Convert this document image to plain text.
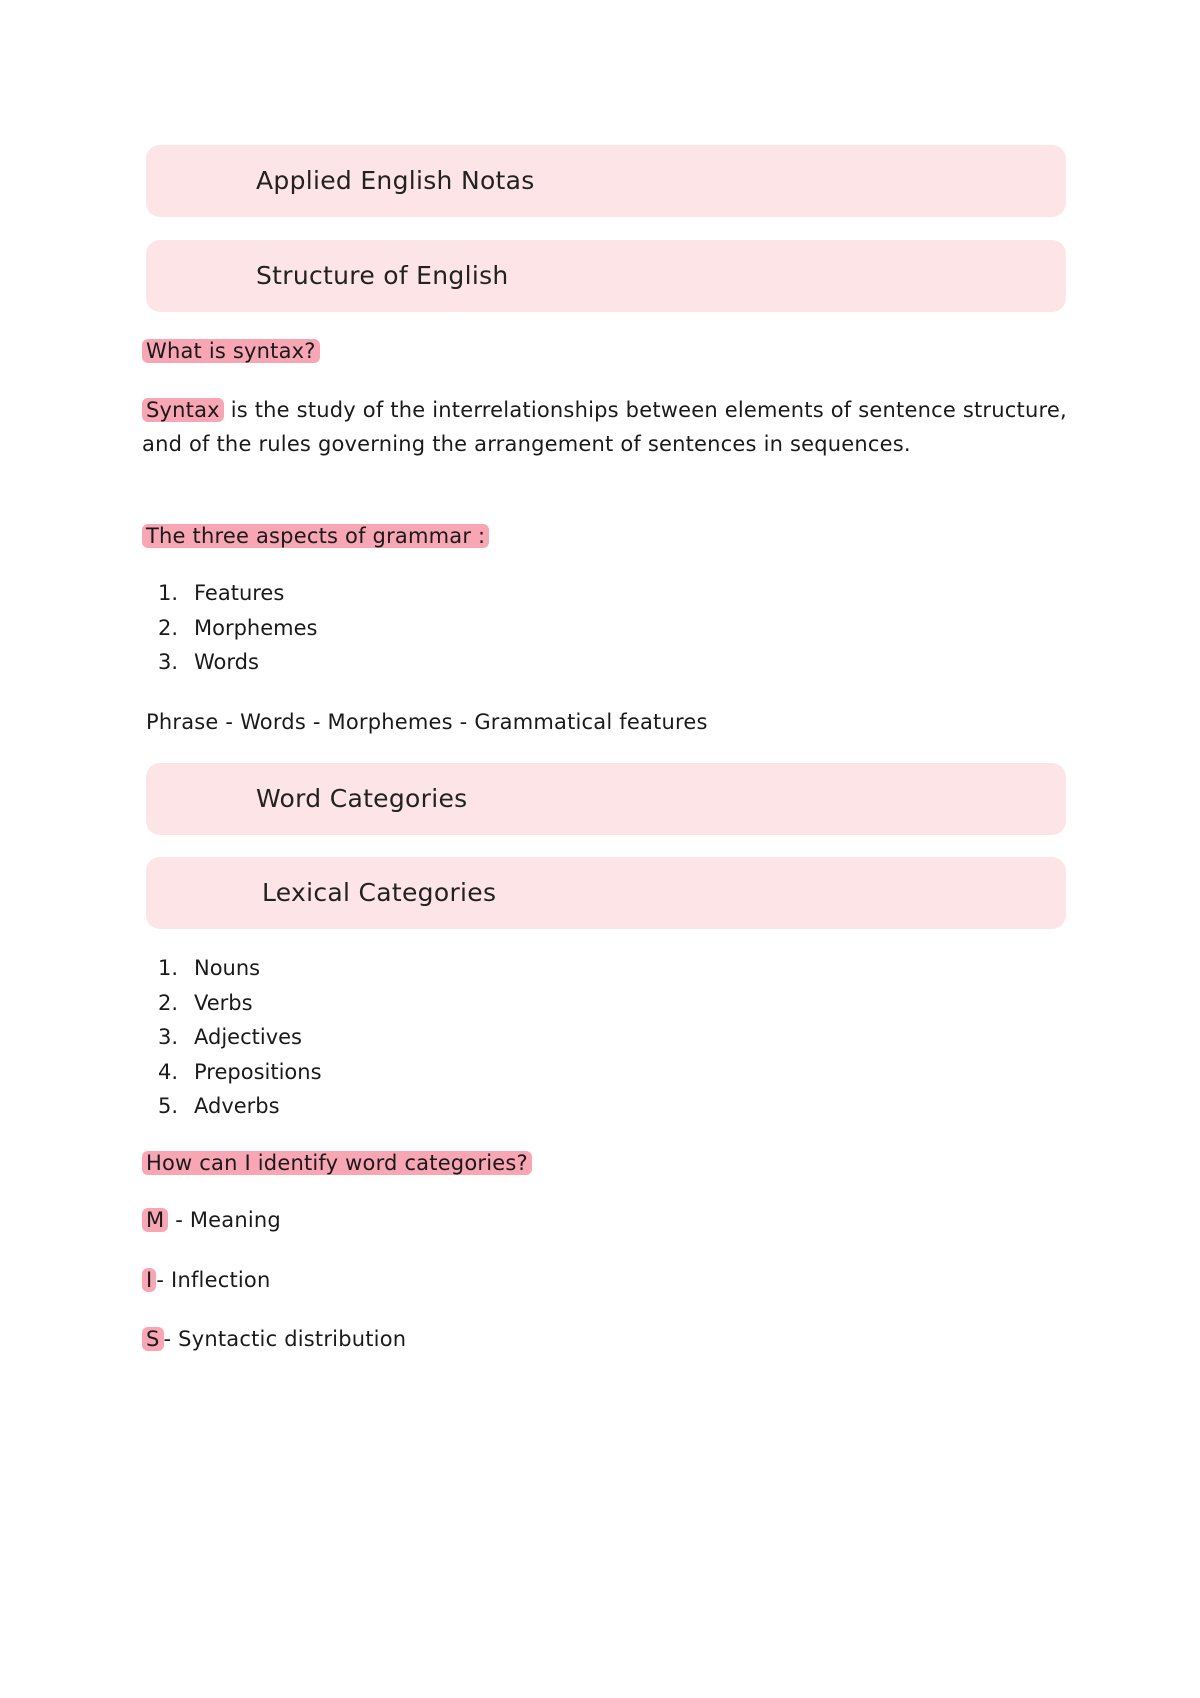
Applied English Notas
Structure of English
What is syntax?
Syntax is the study of the interrelationships between elements of sentence structure, and of the rules governing the arrangement of sentences in sequences.
The three aspects of grammar :
1. Features
2. Morphemes
3. Words
Phrase - Words - Morphemes - Grammatical features
Word Categories
Lexical Categories
1. Nouns
2. Verbs
3. Adjectives
4. Prepositions
5. Adverbs
How can I identify word categories?
M - Meaning
I - Inflection
S - Syntactic distribution
